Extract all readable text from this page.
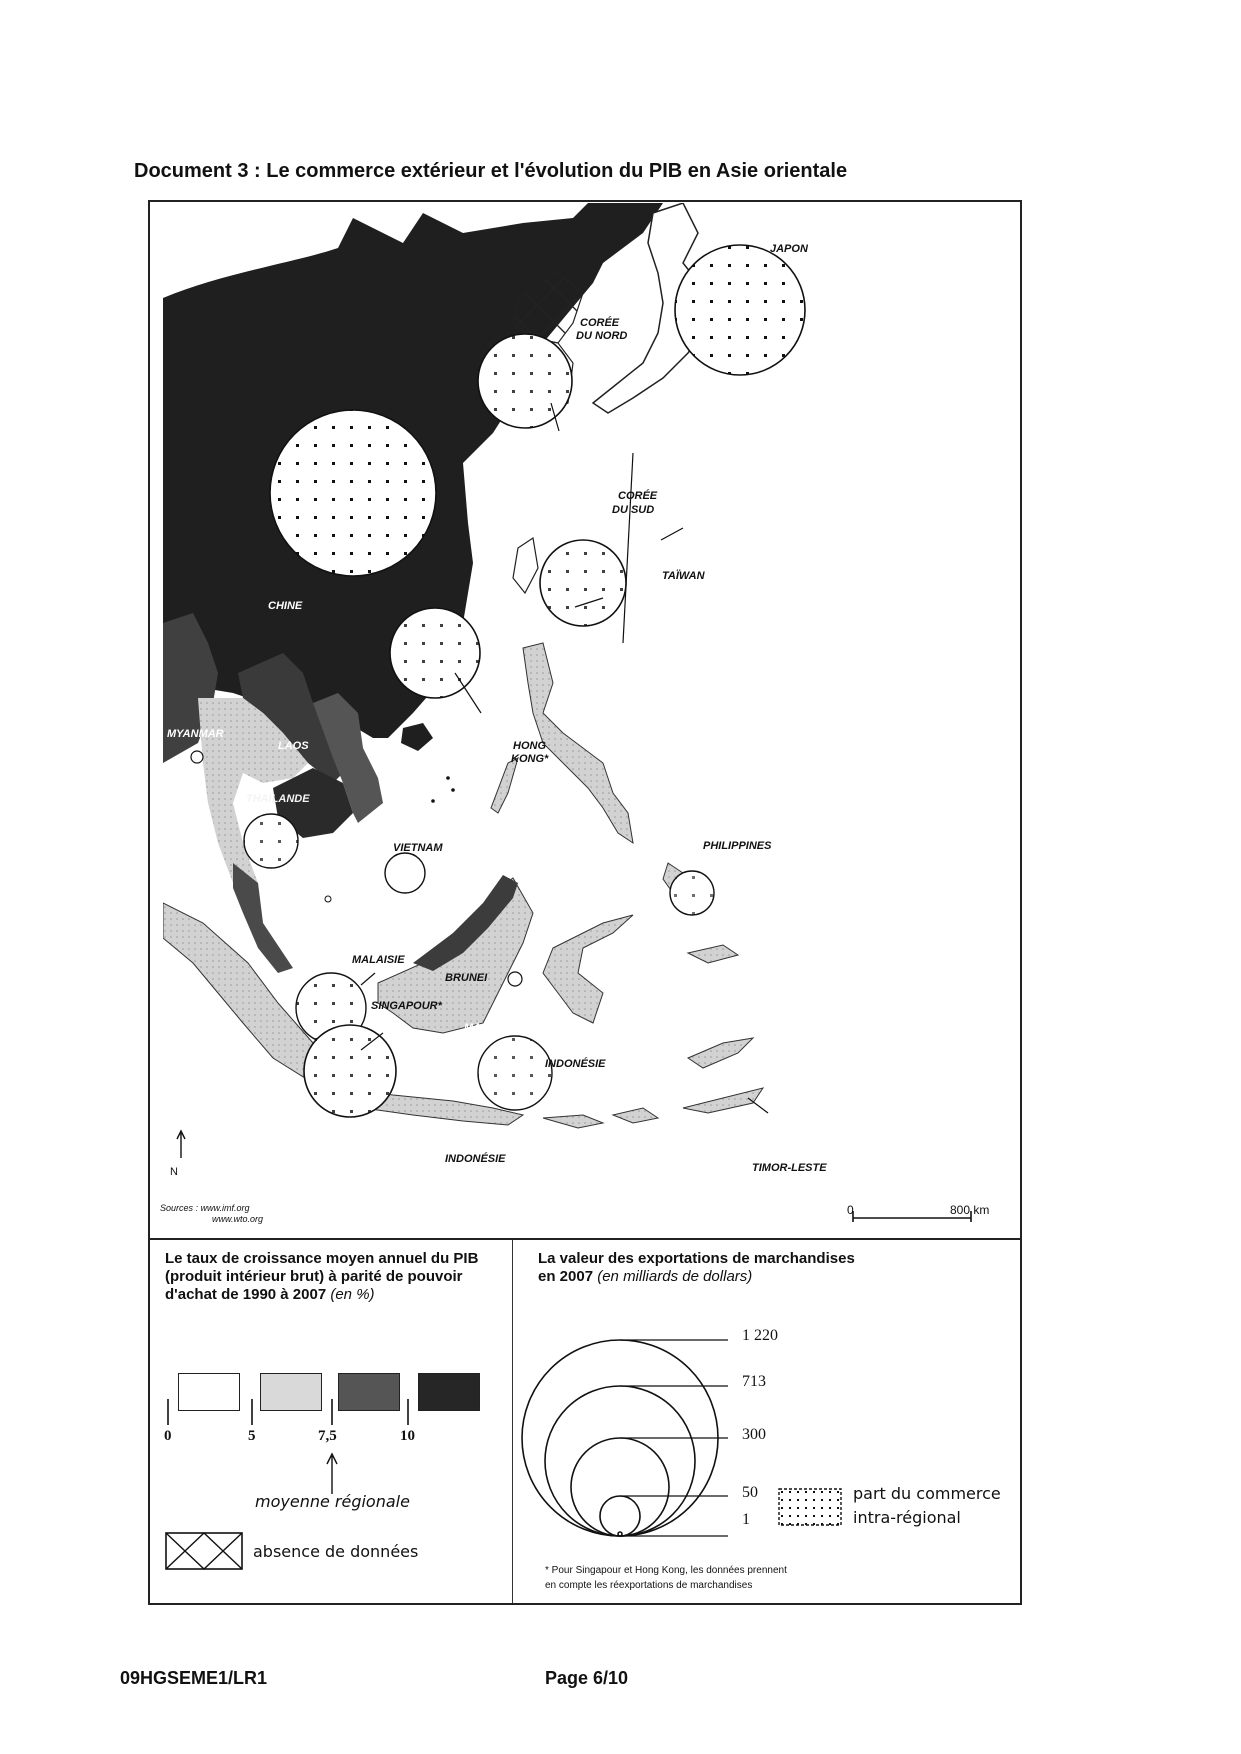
Document 3 : Le commerce extérieur et l'évolution du PIB en Asie orientale
JAPON
CORÉE
DU NORD
CORÉE
DU SUD
CHINE
TAÏWAN
HONG
KONG*
MYANMAR
LAOS
THAÏLANDE
CAMBODGE
VIETNAM	PHILIPPINES
MALAISIE
BRUNEI
SINGAPOUR*
MALAISIE
INDONÉSIE
INDONÉSIE
TIMOR-LESTE
N
Sources : www.imf.org
www.wto.org
0	800 km
Le taux de croissance moyen annuel du PIB (produit intérieur brut) à parité de pouvoir d'achat de 1990 à 2007 (en %)
0	5	7,5	10
moyenne régionale
absence de données
La valeur des exportations de marchandises en 2007 (en milliards de dollars)
1 220
713
300
50
1
part du commerce
intra-régional
* Pour Singapour et Hong Kong, les données prennent
en compte les réexportations de marchandises
09HGSEME1/LR1	Page 6/10
